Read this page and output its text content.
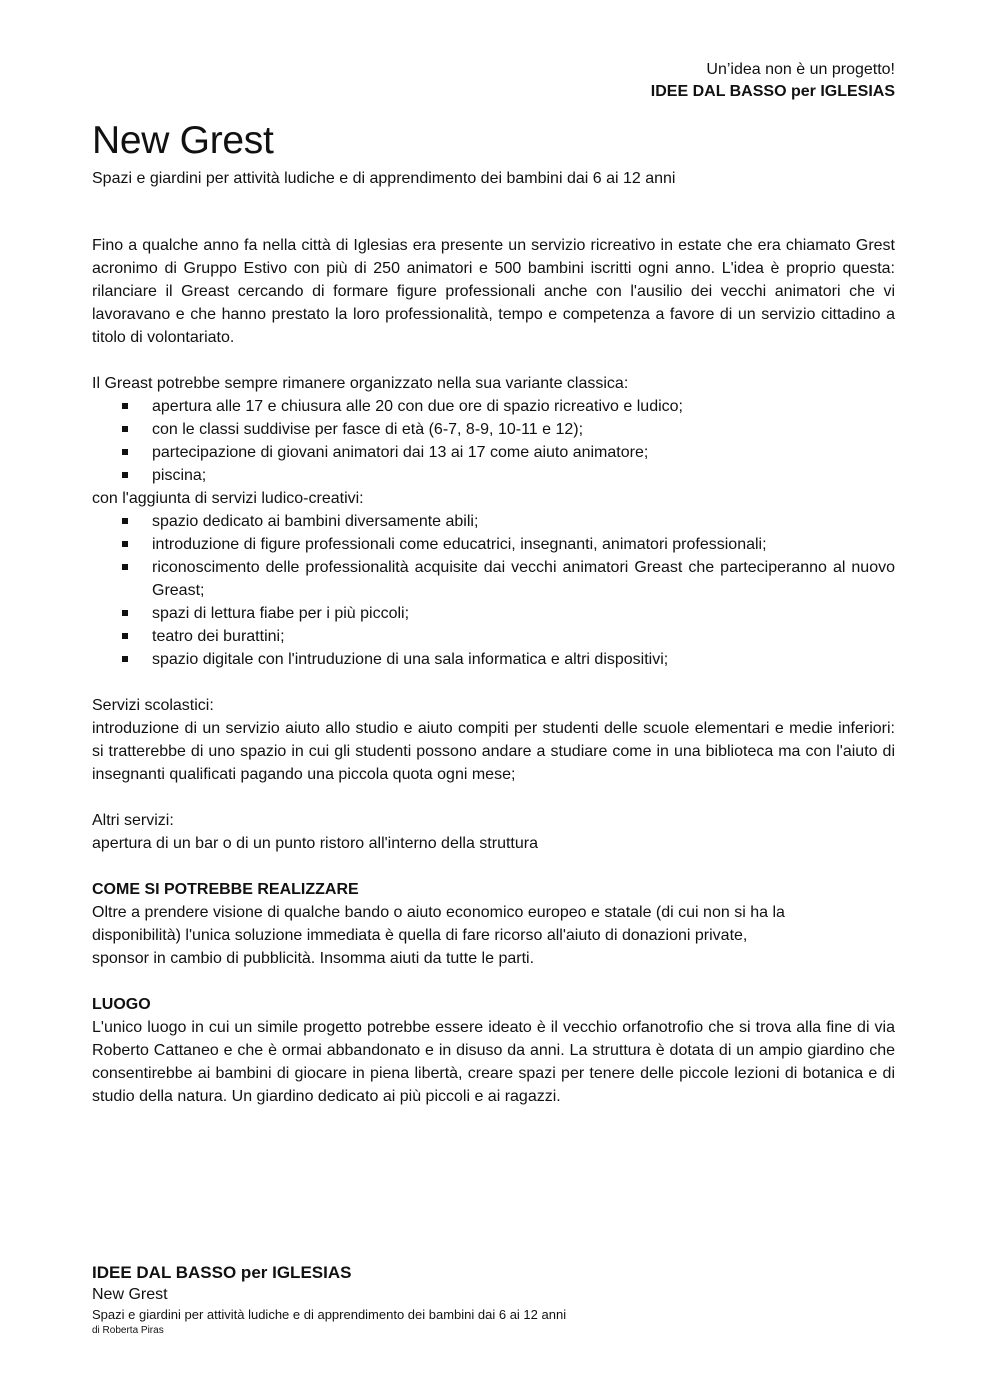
Un’idea non è un progetto!
IDEE DAL BASSO per IGLESIAS
New Grest
Spazi e giardini per attività ludiche e di apprendimento dei bambini dai 6 ai 12 anni

Fino a qualche anno fa nella città di Iglesias era presente un servizio ricreativo in estate che era chiamato Grest acronimo di Gruppo Estivo con più di 250 animatori e 500 bambini iscritti ogni anno. L'idea è proprio questa: rilanciare il Greast cercando di formare figure professionali anche con l'ausilio dei vecchi animatori che vi lavoravano e che hanno prestato la loro professionalità, tempo e competenza a favore di un servizio cittadino a titolo di volontariato.

Il Greast potrebbe sempre rimanere organizzato nella sua variante classica:

apertura alle 17 e chiusura alle 20 con due ore di spazio ricreativo e ludico;
con le classi suddivise per fasce di età (6-7, 8-9, 10-11 e 12);
partecipazione di giovani animatori dai 13 ai 17 come aiuto animatore;
piscina;

con l'aggiunta di servizi ludico-creativi:

spazio dedicato ai bambini diversamente abili;
introduzione di figure professionali come educatrici, insegnanti, animatori professionali;
riconoscimento delle professionalità acquisite dai vecchi animatori Greast che parteciperanno al nuovo Greast;
spazi di lettura fiabe per i più piccoli;
teatro dei burattini;
spazio digitale con l'intruduzione di una sala informatica e altri dispositivi;

Servizi scolastici:

introduzione di un servizio aiuto allo studio e aiuto compiti per studenti delle scuole elementari e medie inferiori: si tratterebbe di uno spazio in cui gli studenti possono andare a studiare come in una biblioteca ma con l'aiuto di insegnanti qualificati pagando una piccola quota ogni mese;

Altri servizi:

apertura di un bar o di un punto ristoro all'interno della struttura

COME SI POTREBBE REALIZZARE

Oltre a prendere visione di qualche bando o aiuto economico europeo e statale (di cui non si ha la

disponibilità) l'unica soluzione immediata è quella di fare ricorso all'aiuto di donazioni private,

sponsor in cambio di pubblicità. Insomma aiuti da tutte le parti.

LUOGO

L'unico luogo in cui un simile progetto potrebbe essere ideato è il vecchio orfanotrofio che si trova alla fine di via Roberto Cattaneo e che è ormai abbandonato e in disuso da anni. La struttura è dotata di un ampio giardino che consentirebbe ai bambini di giocare in piena libertà, creare spazi per tenere delle piccole lezioni di botanica e di studio della natura. Un giardino dedicato ai più piccoli e ai ragazzi.

IDEE DAL BASSO per IGLESIAS
New Grest
Spazi e giardini per attività ludiche e di apprendimento dei bambini dai 6 ai 12 anni
di Roberta Piras
